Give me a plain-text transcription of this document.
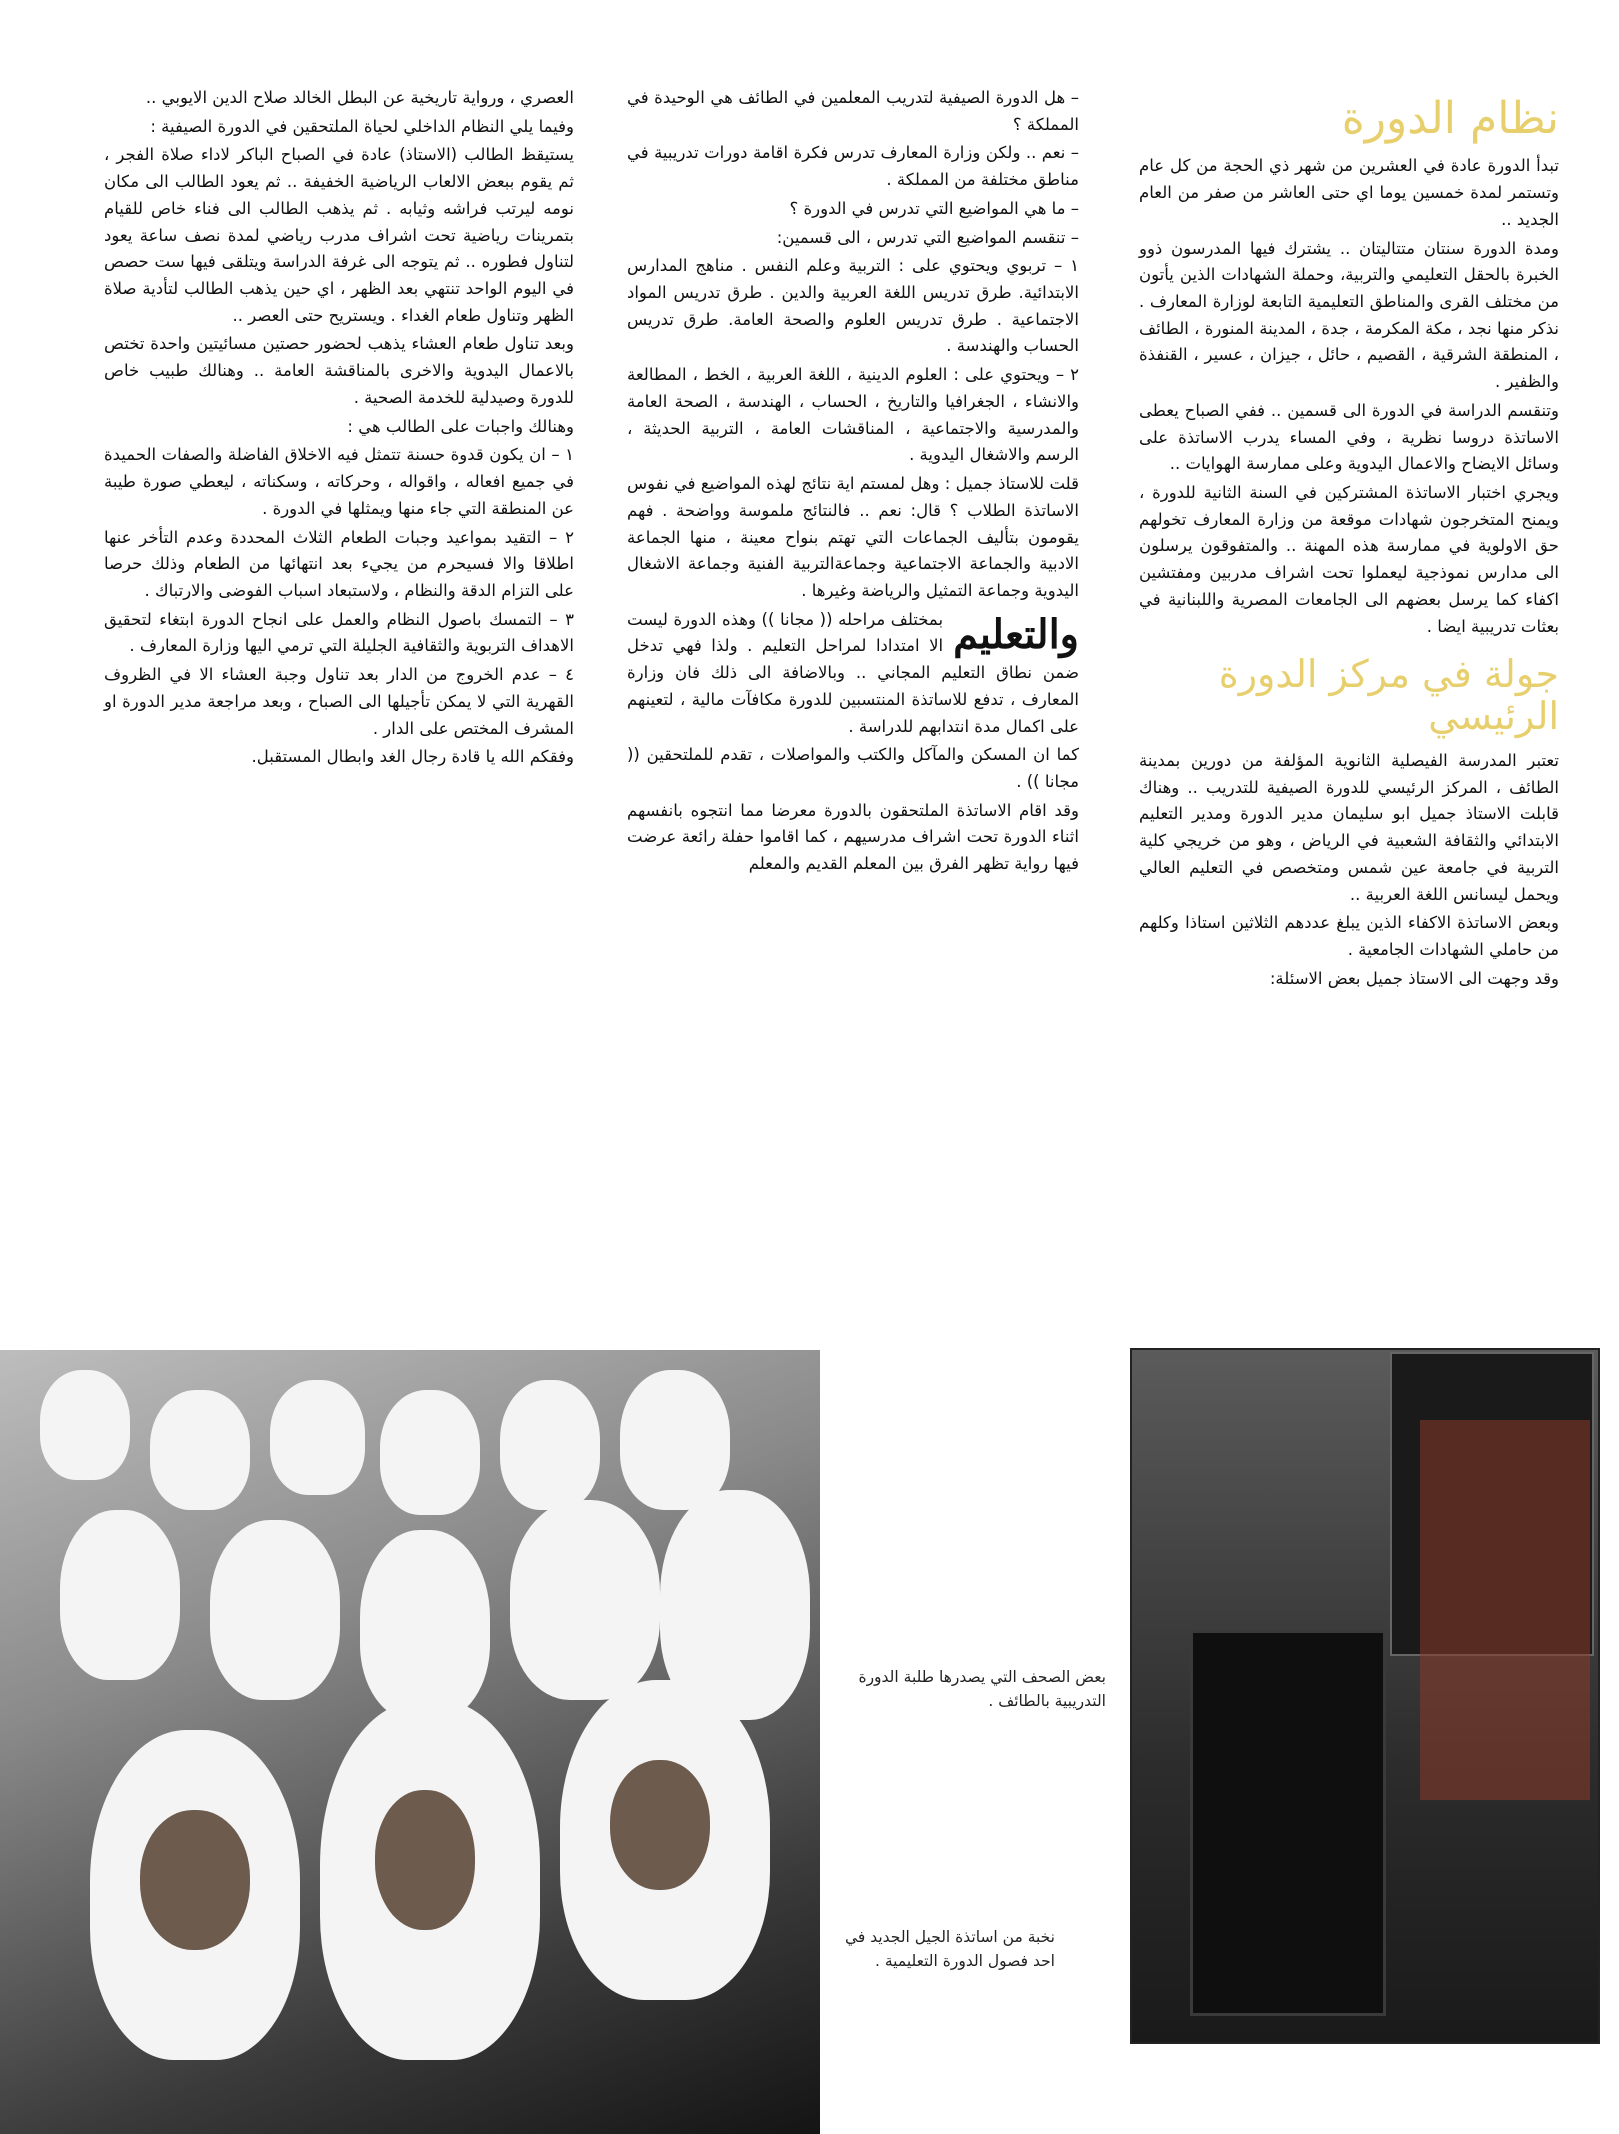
نظام الدورة

تبدأ الدورة عادة في العشرين من شهر ذي الحجة من كل عام وتستمر لمدة خمسين يوما اي حتى العاشر من صفر من العام الجديد ..

ومدة الدورة سنتان متتاليتان .. يشترك فيها المدرسون ذوو الخبرة بالحقل التعليمي والتربية، وحملة الشهادات الذين يأتون من مختلف القرى والمناطق التعليمية التابعة لوزارة المعارف . نذكر منها نجد ، مكة المكرمة ، جدة ، المدينة المنورة ، الطائف ، المنطقة الشرقية ، القصيم ، حائل ، جيزان ، عسير ، القنفذة والظفير .

وتنقسم الدراسة في الدورة الى قسمين .. ففي الصباح يعطى الاساتذة دروسا نظرية ، وفي المساء يدرب الاساتذة على وسائل الايضاح والاعمال اليدوية وعلى ممارسة الهوايات ..

ويجري اختبار الاساتذة المشتركين في السنة الثانية للدورة ، ويمنح المتخرجون شهادات موقعة من وزارة المعارف تخولهم حق الاولوية في ممارسة هذه المهنة .. والمتفوقون يرسلون الى مدارس نموذجية ليعملوا تحت اشراف مدربين ومفتشين اكفاء كما يرسل بعضهم الى الجامعات المصرية واللبنانية في بعثات تدريبية ايضا .

جولة في مركز الدورة الرئيسي

تعتبر المدرسة الفيصلية الثانوية المؤلفة من دورين بمدينة الطائف ، المركز الرئيسي للدورة الصيفية للتدريب .. وهناك قابلت الاستاذ جميل ابو سليمان مدير الدورة ومدير التعليم الابتدائي والثقافة الشعبية في الرياض ، وهو من خريجي كلية التربية في جامعة عين شمس ومتخصص في التعليم العالي ويحمل ليسانس اللغة العربية ..

وبعض الاساتذة الاكفاء الذين يبلغ عددهم الثلاثين استاذا وكلهم من حاملي الشهادات الجامعية .

وقد وجهت الى الاستاذ جميل بعض الاسئلة:

– هل الدورة الصيفية لتدريب المعلمين في الطائف هي الوحيدة في المملكة ؟

– نعم .. ولكن وزارة المعارف تدرس فكرة اقامة دورات تدريبية في مناطق مختلفة من المملكة .

– ما هي المواضيع التي تدرس في الدورة ؟

– تنقسم المواضيع التي تدرس ، الى قسمين:

١ – تربوي ويحتوي على : التربية وعلم النفس . مناهج المدارس الابتدائية. طرق تدريس اللغة العربية والدين . طرق تدريس المواد الاجتماعية . طرق تدريس العلوم والصحة العامة. طرق تدريس الحساب والهندسة .

٢ – ويحتوي على : العلوم الدينية ، اللغة العربية ، الخط ، المطالعة والانشاء ، الجغرافيا والتاريخ ، الحساب ، الهندسة ، الصحة العامة والمدرسية والاجتماعية ، المناقشات العامة ، التربية الحديثة ، الرسم والاشغال اليدوية .

قلت للاستاذ جميل : وهل لمستم اية نتائج لهذه المواضيع في نفوس الاساتذة الطلاب ؟ قال: نعم .. فالنتائج ملموسة وواضحة . فهم يقومون بتأليف الجماعات التي تهتم بنواح معينة ، منها الجماعة الادبية والجماعة الاجتماعية وجماعةالتربية الفنية وجماعة الاشغال اليدوية وجماعة التمثيل والرياضة وغيرها .

والتعليم

بمختلف مراحله (( مجانا )) وهذه الدورة ليست الا امتدادا لمراحل التعليم . ولذا فهي تدخل ضمن نطاق التعليم المجاني .. وبالاضافة الى ذلك فان وزارة المعارف ، تدفع للاساتذة المنتسبين للدورة مكافآت مالية ، لتعينهم على اكمال مدة انتدابهم للدراسة .

كما ان المسكن والمآكل والكتب والمواصلات ، تقدم للملتحقين (( مجانا )) .

وقد اقام الاساتذة الملتحقون بالدورة معرضا مما انتجوه بانفسهم اثناء الدورة تحت اشراف مدرسيهم ، كما اقاموا حفلة رائعة عرضت فيها رواية تظهر الفرق بين المعلم القديم والمعلم

العصري ، ورواية تاريخية عن البطل الخالد صلاح الدين الايوبي ..

وفيما يلي النظام الداخلي لحياة الملتحقين في الدورة الصيفية :

يستيقظ الطالب (الاستاذ) عادة في الصباح الباكر لاداء صلاة الفجر ، ثم يقوم ببعض الالعاب الرياضية الخفيفة .. ثم يعود الطالب الى مكان نومه ليرتب فراشه وثيابه . ثم يذهب الطالب الى فناء خاص للقيام بتمرينات رياضية تحت اشراف مدرب رياضي لمدة نصف ساعة يعود لتناول فطوره .. ثم يتوجه الى غرفة الدراسة ويتلقى فيها ست حصص في اليوم الواحد تنتهي بعد الظهر ، اي حين يذهب الطالب لتأدية صلاة الظهر وتناول طعام الغداء . ويستريح حتى العصر ..

وبعد تناول طعام العشاء يذهب لحضور حصتين مسائيتين واحدة تختص بالاعمال اليدوية والاخرى بالمناقشة العامة .. وهنالك طبيب خاص للدورة وصيدلية للخدمة الصحية .

وهنالك واجبات على الطالب هي :

١ – ان يكون قدوة حسنة تتمثل فيه الاخلاق الفاضلة والصفات الحميدة في جميع افعاله ، واقواله ، وحركاته ، وسكناته ، ليعطي صورة طيبة عن المنطقة التي جاء منها ويمثلها في الدورة .

٢ – التقيد بمواعيد وجبات الطعام الثلاث المحددة وعدم التأخر عنها اطلاقا والا فسيحرم من يجيء بعد انتهائها من الطعام وذلك حرصا على التزام الدقة والنظام ، ولاستبعاد اسباب الفوضى والارتباك .

٣ – التمسك باصول النظام والعمل على انجاح الدورة ابتغاء لتحقيق الاهداف التربوية والثقافية الجليلة التي ترمي اليها وزارة المعارف .

٤ – عدم الخروج من الدار بعد تناول وجبة العشاء الا في الظروف القهرية التي لا يمكن تأجيلها الى الصباح ، وبعد مراجعة مدير الدورة او المشرف المختص على الدار .

وفقكم الله يا قادة رجال الغد وابطال المستقبل.

بعض الصحف التي يصدرها طلبة الدورة التدريبية بالطائف .
نخبة من اساتذة الجيل الجديد في احد فصول الدورة التعليمية .
